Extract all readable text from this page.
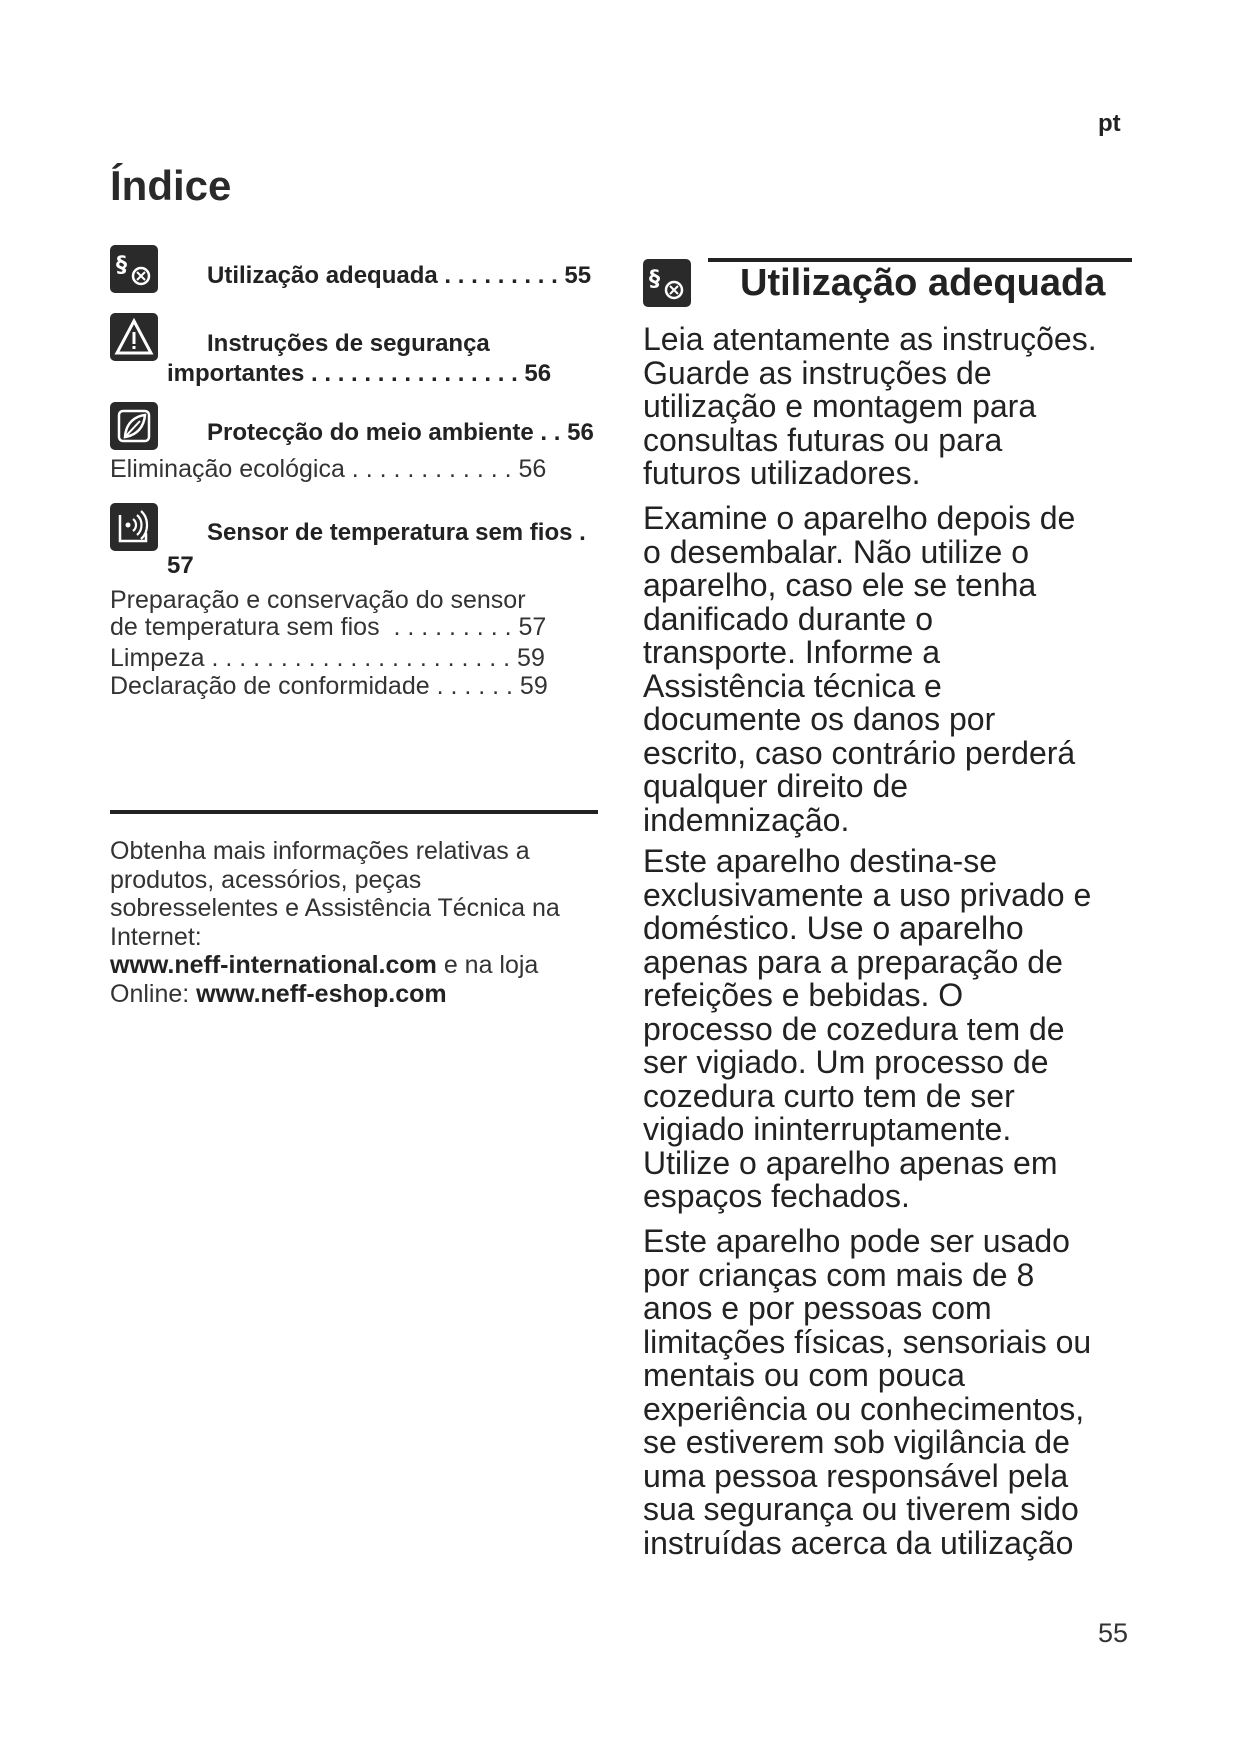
pt
Índice
§	Utilização adequada . . . . . . . . . 55
Instruções de segurança
importantes . . . . . . . . . . . . . . . . 56
Protecção do meio ambiente . . 56
Eliminação ecológica . . . . . . . . . . . . 56
Sensor de temperatura sem fios .
57
Preparação e conservação do sensor
de temperatura sem fios  . . . . . . . . . 57
Limpeza . . . . . . . . . . . . . . . . . . . . . . 59
Declaração de conformidade . . . . . . 59
Obtenha mais informações relativas a produtos, acessórios, peças sobresselentes e Assistência Técnica na Internet:
www.neff-international.com e na loja Online: www.neff-eshop.com
§ Utilização adequada
Leia atentamente as instruções.
Guarde as instruções de
utilização e montagem para
consultas futuras ou para
futuros utilizadores.
Examine o aparelho depois de
o desembalar. Não utilize o
aparelho, caso ele se tenha
danificado durante o
transporte. Informe a
Assistência técnica e
documente os danos por
escrito, caso contrário perderá
qualquer direito de
indemnização.
Este aparelho destina-se
exclusivamente a uso privado e
doméstico. Use o aparelho
apenas para a preparação de
refeições e bebidas. O
processo de cozedura tem de
ser vigiado. Um processo de
cozedura curto tem de ser
vigiado ininterruptamente.
Utilize o aparelho apenas em
espaços fechados.
Este aparelho pode ser usado
por crianças com mais de 8
anos e por pessoas com
limitações físicas, sensoriais ou
mentais ou com pouca
experiência ou conhecimentos,
se estiverem sob vigilância de
uma pessoa responsável pela
sua segurança ou tiverem sido
instruídas acerca da utilização
55
